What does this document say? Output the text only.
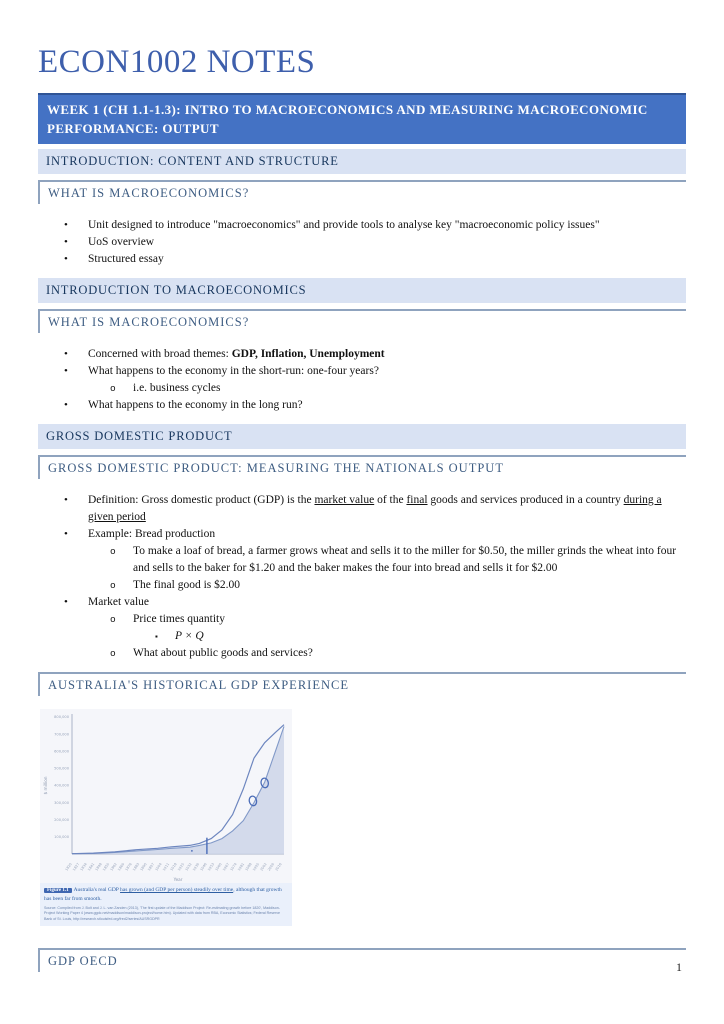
ECON1002 NOTES
WEEK 1 (CH 1.1-1.3): INTRO TO MACROECONOMICS AND MEASURING MACROECONOMIC PERFORMANCE: OUTPUT
INTRODUCTION: CONTENT AND STRUCTURE
WHAT IS MACROECONOMICS?
•	Unit designed to introduce "macroeconomics" and provide tools to analyse key "macroeconomic policy issues"
•	UoS overview
•	Structured essay
INTRODUCTION TO MACROECONOMICS
WHAT IS MACROECONOMICS?
•	Concerned with broad themes: GDP, Inflation, Unemployment
•	What happens to the economy in the short-run: one-four years?
o	i.e. business cycles
•	What happens to the economy in the long run?
GROSS DOMESTIC PRODUCT
GROSS DOMESTIC PRODUCT: MEASURING THE NATIONALS OUTPUT
•	Definition: Gross domestic product (GDP) is the market value of the final goods and services produced in a country during a given period
•	Example: Bread production
o	To make a loaf of bread, a farmer grows wheat and sells it to the miller for $0.50, the miller grinds the wheat into four and sells to the baker for $1.20 and the baker makes the four into bread and sells it for $2.00
o	The final good is $2.00
•	Market value
o	Price times quantity
▪	P × Q
o	What about public goods and services?
AUSTRALIA'S HISTORICAL GDP EXPERIENCE
100,000
200,000
300,000
400,000
500,000
600,000
700,000
800,000
1820 1827 1834 1841 1848 1855 1862 1869 1876 1883 1890 1897 1904 1911 1918 1925 1932 1939 1946 1953 1960 1967 1974 1981 1988 1995 2002 2009 2016
Year
$ million
Figure 1.1 Australia's real GDP has grown (and GDP per person) steadily over time, although that growth has been far from smooth.
Source: Compiled from J. Bolt and J. L. van Zanden (2013), 'The first update of the Maddison Project: Re-estimating growth before 1820', Maddison-Project Working Paper 4 (www.ggdc.net/maddison/maddison-project/home.htm). Updated with data from RBA, Economic Statistics; Federal Reserve Bank of St. Louis, http://research.stlouisfed.org/fred2/series/AUSRGDPR
GDP OECD	1
